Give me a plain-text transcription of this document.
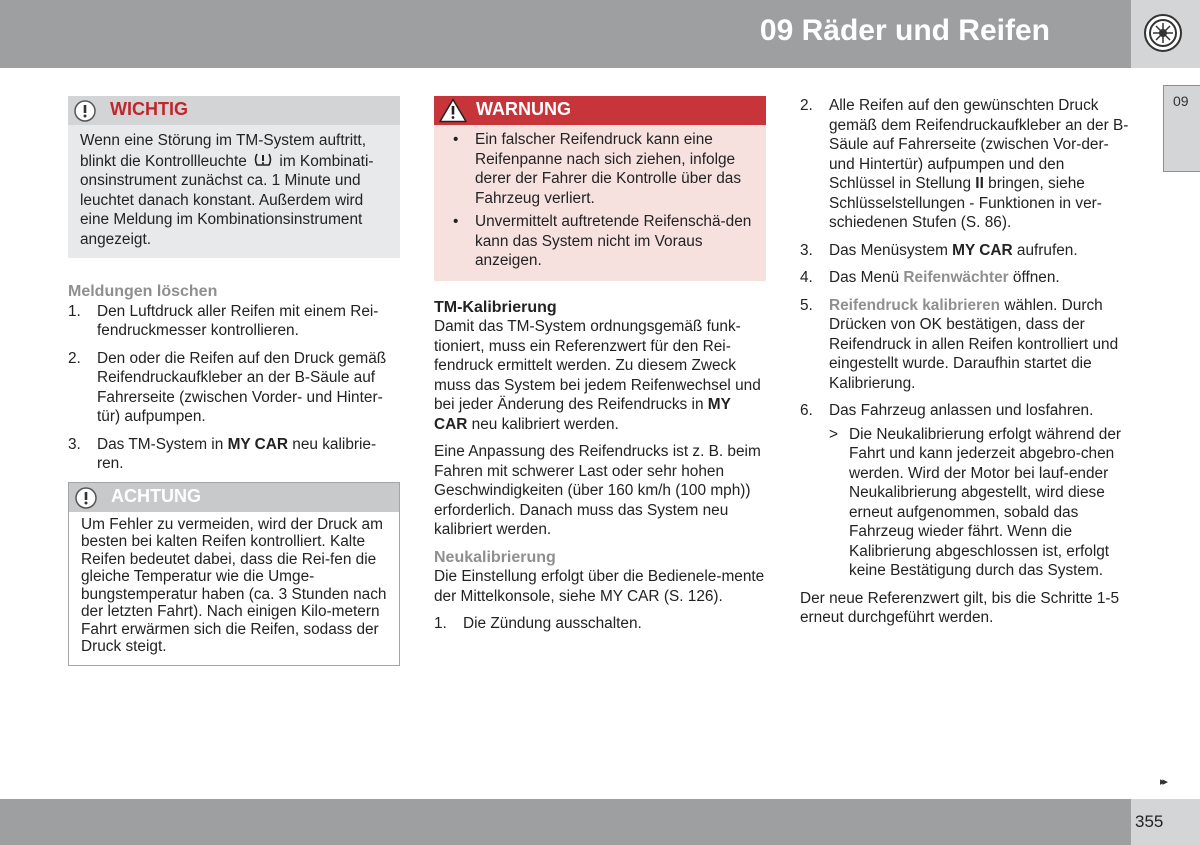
09 Räder und Reifen
09
WICHTIG
Wenn eine Störung im TM-System auftritt, blinkt die Kontrollleuchte im Kombinati-onsinstrument zunächst ca. 1 Minute und leuchtet danach konstant. Außerdem wird eine Meldung im Kombinationsinstrument angezeigt.

Meldungen löschen

1. Den Luftdruck aller Reifen mit einem Rei-fendruckmesser kontrollieren.
2. Den oder die Reifen auf den Druck gemäß Reifendruckaufkleber an der B-Säule auf Fahrerseite (zwischen Vorder- und Hinter-tür) aufpumpen.
3. Das TM-System in MY CAR neu kalibrie-ren.
ACHTUNG
Um Fehler zu vermeiden, wird der Druck am besten bei kalten Reifen kontrolliert. Kalte Reifen bedeutet dabei, dass die Rei-fen die gleiche Temperatur wie die Umge-bungstemperatur haben (ca. 3 Stunden nach der letzten Fahrt). Nach einigen Kilo-metern Fahrt erwärmen sich die Reifen, sodass der Druck steigt.
WARNUNG
• Ein falscher Reifendruck kann eine Reifenpanne nach sich ziehen, infolge derer der Fahrer die Kontrolle über das Fahrzeug verliert.
• Unvermittelt auftretende Reifenschä-den kann das System nicht im Voraus anzeigen.

TM-Kalibrierung

Damit das TM-System ordnungsgemäß funk-tioniert, muss ein Referenzwert für den Rei-fendruck ermittelt werden. Zu diesem Zweck muss das System bei jedem Reifenwechsel und bei jeder Änderung des Reifendrucks in MY CAR neu kalibriert werden.

Eine Anpassung des Reifendrucks ist z. B. beim Fahren mit schwerer Last oder sehr hohen Geschwindigkeiten (über 160 km/h (100 mph)) erforderlich. Danach muss das System neu kalibriert werden.

Neukalibrierung

Die Einstellung erfolgt über die Bedienele-mente der Mittelkonsole, siehe MY CAR (S. 126).

1. Die Zündung ausschalten.
2. Alle Reifen auf den gewünschten Druck gemäß dem Reifendruckaufkleber an der B-Säule auf Fahrerseite (zwischen Vor-der- und Hintertür) aufpumpen und den Schlüssel in Stellung II bringen, siehe Schlüsselstellungen - Funktionen in ver-schiedenen Stufen (S. 86).
3. Das Menüsystem MY CAR aufrufen.
4. Das Menü Reifenwächter öffnen.
5. Reifendruck kalibrieren wählen. Durch Drücken von OK bestätigen, dass der Reifendruck in allen Reifen kontrolliert und eingestellt wurde. Daraufhin startet die Kalibrierung.
6. Das Fahrzeug anlassen und losfahren.
> Die Neukalibrierung erfolgt während der Fahrt und kann jederzeit abgebro-chen werden. Wird der Motor bei lauf-ender Neukalibrierung abgestellt, wird diese erneut aufgenommen, sobald das Fahrzeug wieder fährt. Wenn die Kalibrierung abgeschlossen ist, erfolgt keine Bestätigung durch das System.

Der neue Referenzwert gilt, bis die Schritte 1-5 erneut durchgeführt werden.

▸▸
355
